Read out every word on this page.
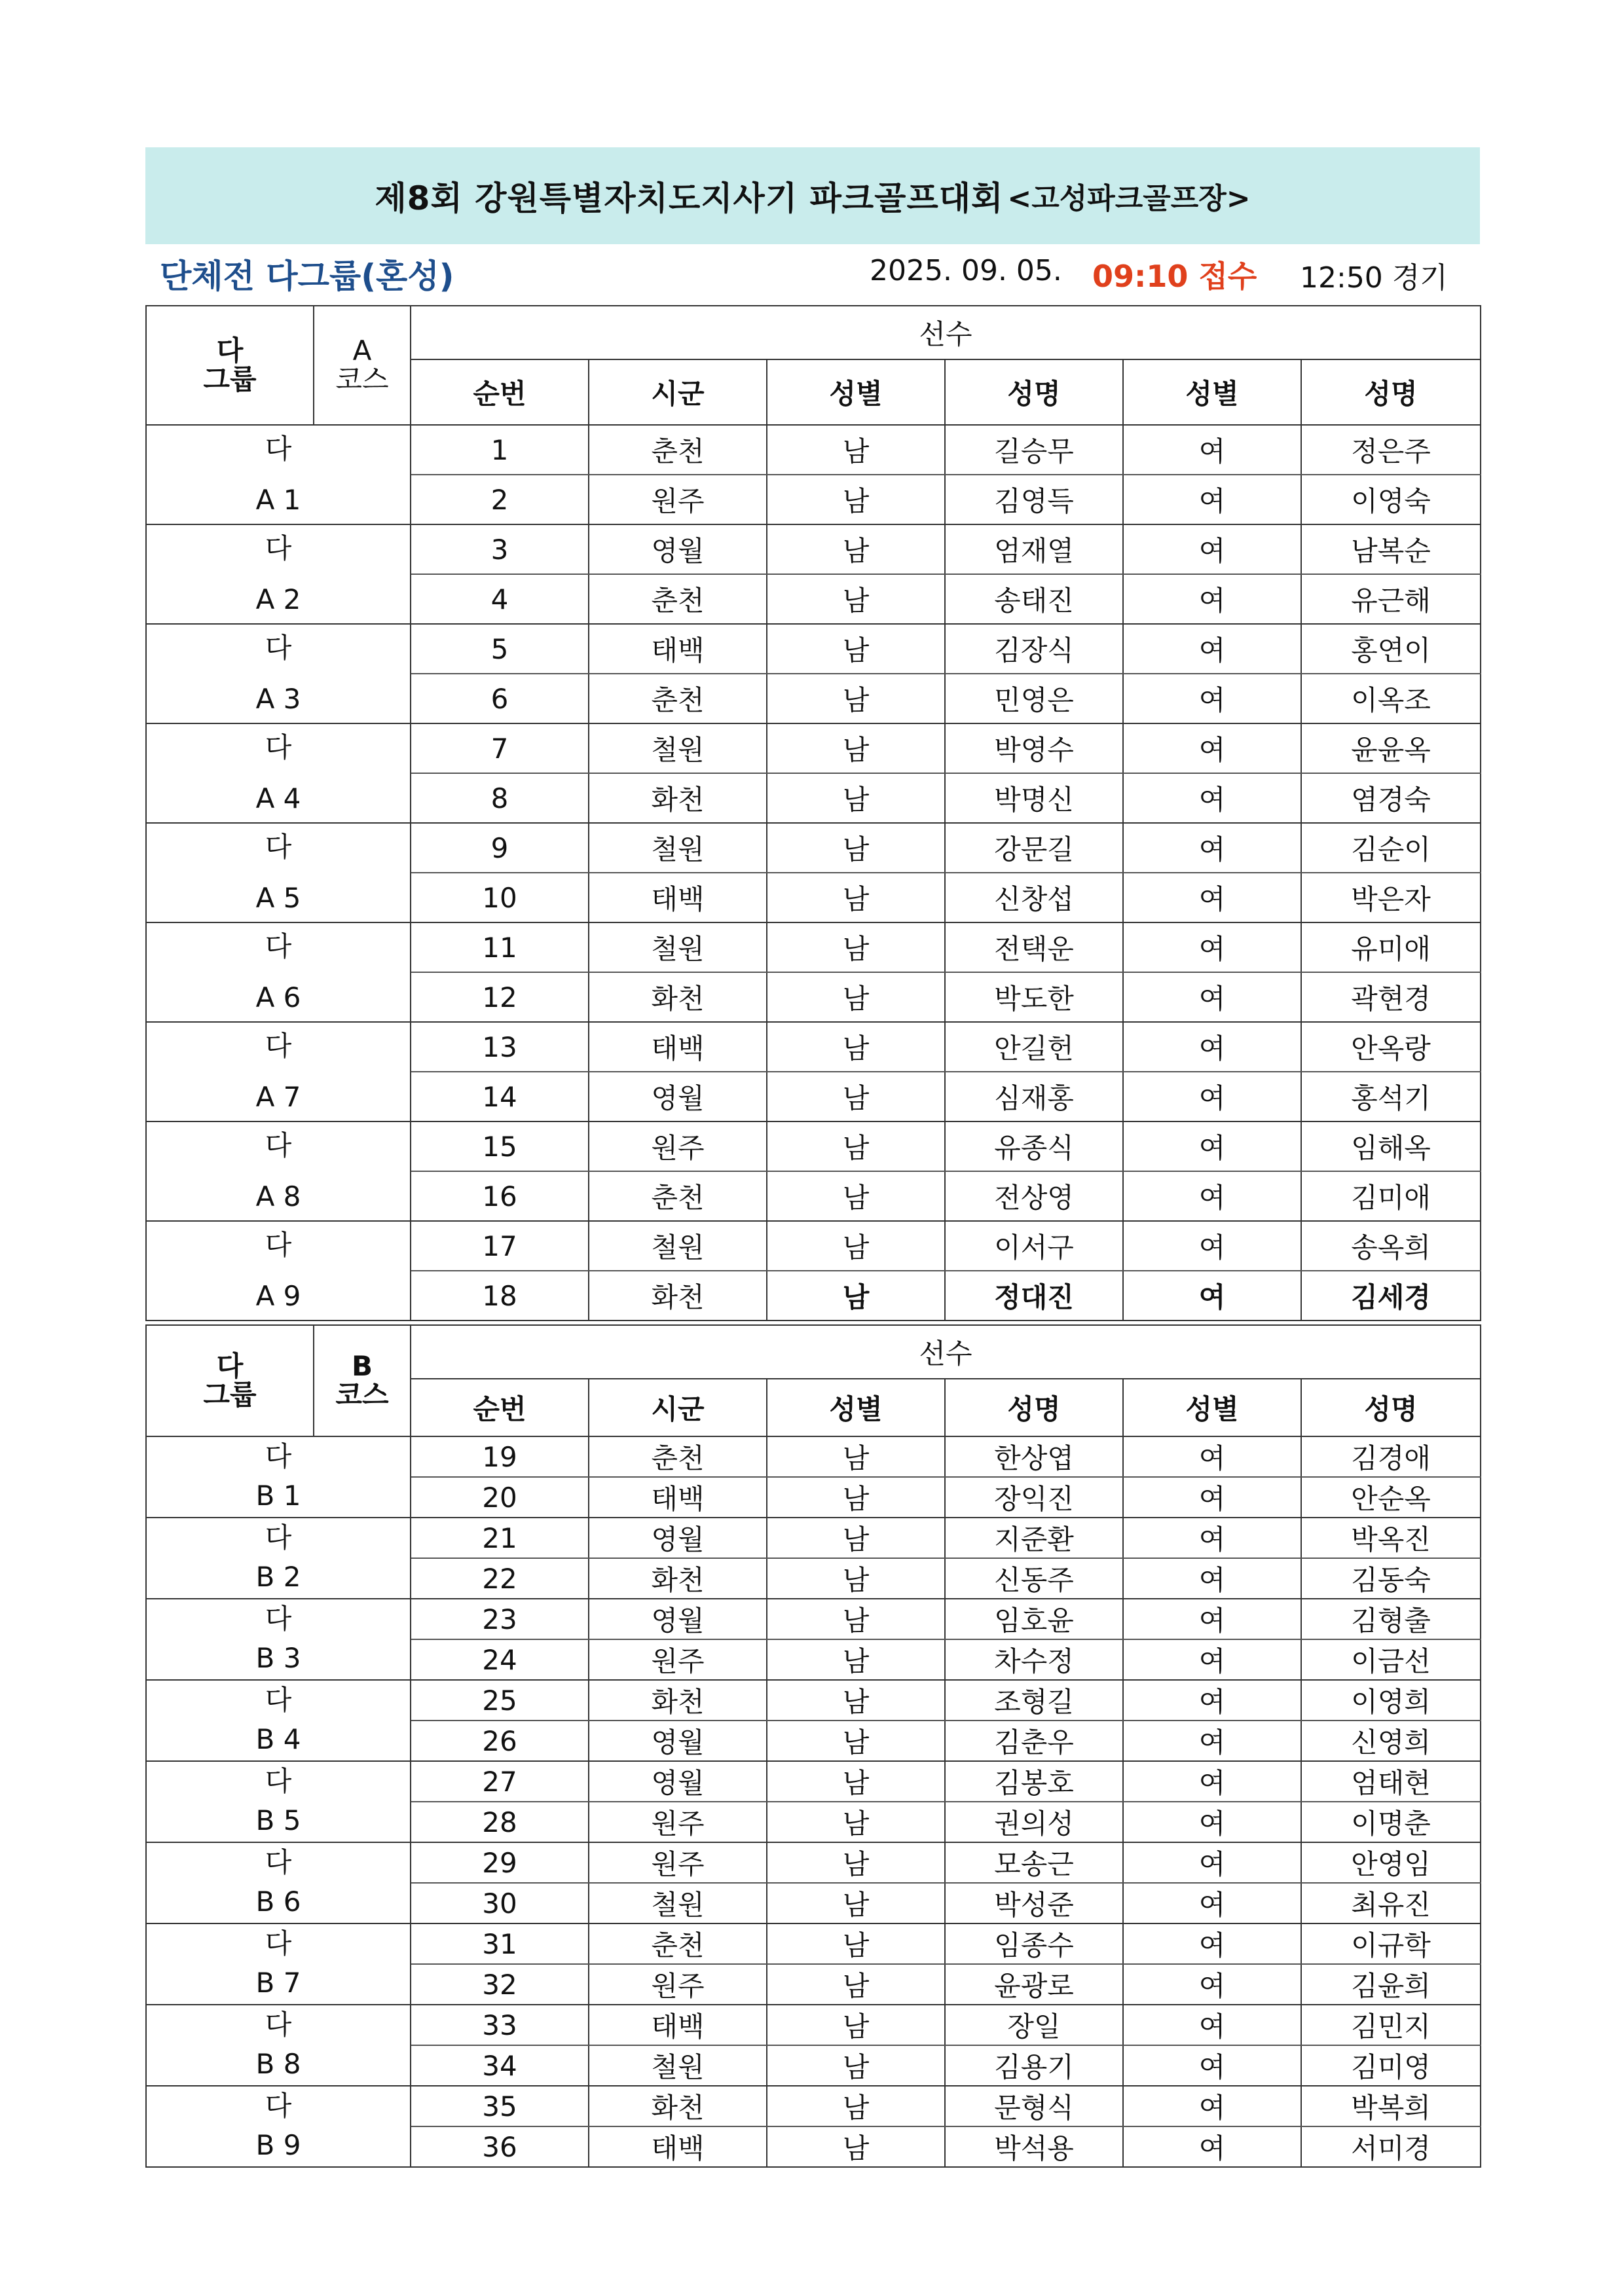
제8회 강원특별자치도지사기 파크골프대회 <고성파크골프장>
단체전 다그룹(혼성)	2025. 09. 05. 09:10 접수 12:50 경기
다
그룹	A
코스	선수					
		순번	시군	성별	성명	성별	성명

다
A 1		1	춘천	남	길승무	여	정은주
		2	원주	남	김영득	여	이영숙

다
A 2		3	영월	남	엄재열	여	남복순
		4	춘천	남	송태진	여	유근해

다
A 3		5	태백	남	김장식	여	홍연이
		6	춘천	남	민영은	여	이옥조

다
A 4		7	철원	남	박영수	여	윤윤옥
		8	화천	남	박명신	여	염경숙

다
A 5		9	철원	남	강문길	여	김순이
		10	태백	남	신창섭	여	박은자

다
A 6		11	철원	남	전택운	여	유미애
		12	화천	남	박도한	여	곽현경

다
A 7		13	태백	남	안길헌	여	안옥랑
		14	영월	남	심재홍	여	홍석기

다
A 8		15	원주	남	유종식	여	임해옥
		16	춘천	남	전상영	여	김미애

다
A 9		17	철원	남	이서구	여	송옥희
		18	화천	남	정대진	여	김세경
다
그룹	B
코스	선수					
		순번	시군	성별	성명	성별	성명

다
B 1		19	춘천	남	한상엽	여	김경애
		20	태백	남	장익진	여	안순옥

다
B 2		21	영월	남	지준환	여	박옥진
		22	화천	남	신동주	여	김동숙

다
B 3		23	영월	남	임호윤	여	김형출
		24	원주	남	차수정	여	이금선

다
B 4		25	화천	남	조형길	여	이영희
		26	영월	남	김춘우	여	신영희

다
B 5		27	영월	남	김봉호	여	엄태현
		28	원주	남	권의성	여	이명춘

다
B 6		29	원주	남	모송근	여	안영임
		30	철원	남	박성준	여	최유진

다
B 7		31	춘천	남	임종수	여	이규학
		32	원주	남	윤광로	여	김윤희

다
B 8		33	태백	남	장일	여	김민지
		34	철원	남	김용기	여	김미영

다
B 9		35	화천	남	문형식	여	박복희
		36	태백	남	박석용	여	서미경
